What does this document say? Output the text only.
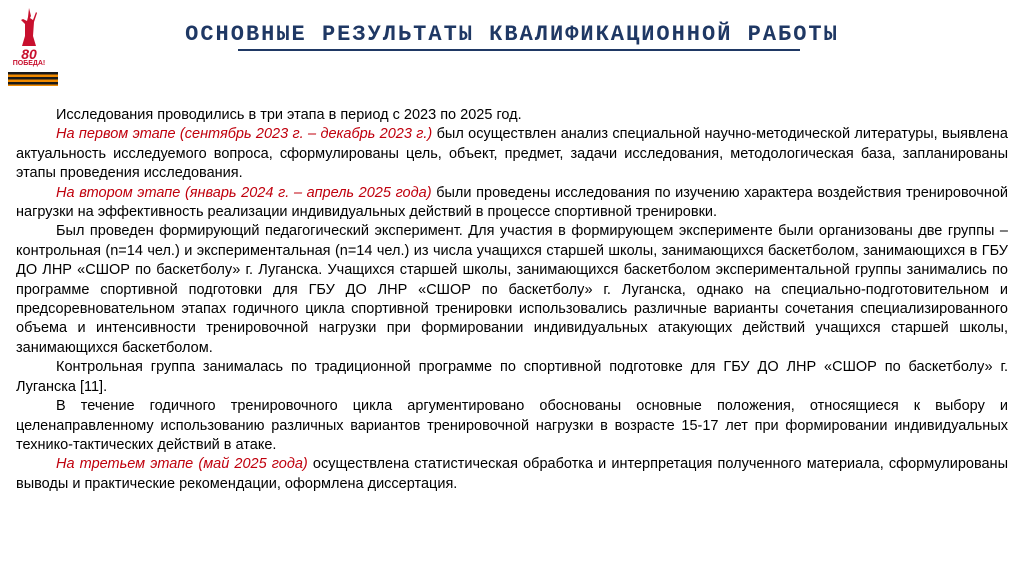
80
ПОБЕДА!
ОСНОВНЫЕ РЕЗУЛЬТАТЫ КВАЛИФИКАЦИОННОЙ РАБОТЫ

Исследования проводились в три этапа в период с 2023 по 2025 год.

На первом этапе (сентябрь 2023 г. – декабрь 2023 г.) был осуществлен анализ специальной научно-методической литературы, выявлена актуальность исследуемого вопроса, сформулированы цель, объект, предмет, задачи исследования, методологическая база, запланированы этапы проведения исследования.

На втором этапе (январь 2024 г. – апрель 2025 года) были проведены исследования по изучению характера воздействия тренировочной нагрузки на эффективность реализации индивидуальных действий в процессе спортивной тренировки.

Был проведен формирующий педагогический эксперимент. Для участия в формирующем эксперименте были организованы две группы – контрольная (n=14 чел.) и экспериментальная (n=14 чел.) из числа учащихся старшей школы, занимающихся баскетболом, занимающихся в ГБУ ДО ЛНР «СШОР по баскетболу» г. Луганска. Учащихся старшей школы, занимающихся баскетболом экспериментальной группы занимались по программе спортивной подготовки для ГБУ ДО ЛНР «СШОР по баскетболу» г. Луганска, однако на специально-подготовительном и предсоревновательном этапах годичного цикла спортивной тренировки использовались различные варианты сочетания специализированного объема и интенсивности тренировочной нагрузки при формировании индивидуальных атакующих действий учащихся старшей школы, занимающихся баскетболом.

Контрольная группа занималась по традиционной программе по спортивной подготовке для ГБУ ДО ЛНР «СШОР по баскетболу» г. Луганска [11].

В течение годичного тренировочного цикла аргументировано обоснованы основные положения, относящиеся к выбору и целенаправленному использованию различных вариантов тренировочной нагрузки в возрасте 15-17 лет при формировании индивидуальных технико-тактических действий в атаке.

На третьем этапе (май 2025 года) осуществлена статистическая обработка и интерпретация полученного материала, сформулированы выводы и практические рекомендации, оформлена диссертация.
